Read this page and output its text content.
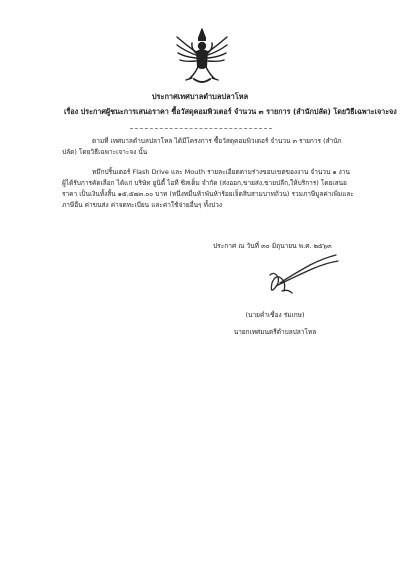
ประกาศเทศบาลตำบลปลาโหล
เรื่อง ประกาศผู้ชนะการเสนอราคา ซื้อวัสดุคอมพิวเตอร์ จำนวน ๓ รายการ (สำนักปลัด) โดยวิธีเฉพาะเจาะจง
ตามที่ เทศบาลตำบลปลาโหล ได้มีโครงการ ซื้อวัสดุคอมพิวเตอร์ จำนวน ๓ รายการ (สำนักปลัด) โดยวิธีเฉพาะเจาะจง นั้น
หมึกปริ้นเตอร์ Flash Drive และ Mouth รายละเอียดตามร่างขอบเขตของงาน จำนวน ๑ งาน ผู้ได้รับการคัดเลือก ได้แก่ บริษัท ยูนิตี้ ไอที ซิสเต็ม จำกัด (ส่งออก,ขายส่ง,ขายปลีก,ให้บริการ) โดยเสนอราคา เป็นเงินทั้งสิ้น ๑๕,๕๗๓.๐๐ บาท (หนึ่งหมื่นห้าพันห้าร้อยเจ็ดสิบสามบาทถ้วน) รวมภาษีมูลค่าเพิ่มและภาษีอื่น ค่าขนส่ง ค่าจดทะเบียน และค่าใช้จ่ายอื่นๆ ทั้งปวง
ประกาศ ณ วันที่ ๓๐ มิถุนายน พ.ศ. ๒๕๖๓
(นายคำเชื่อง ร่มเกษ)
นายกเทศมนตรีตำบลปลาโหล
